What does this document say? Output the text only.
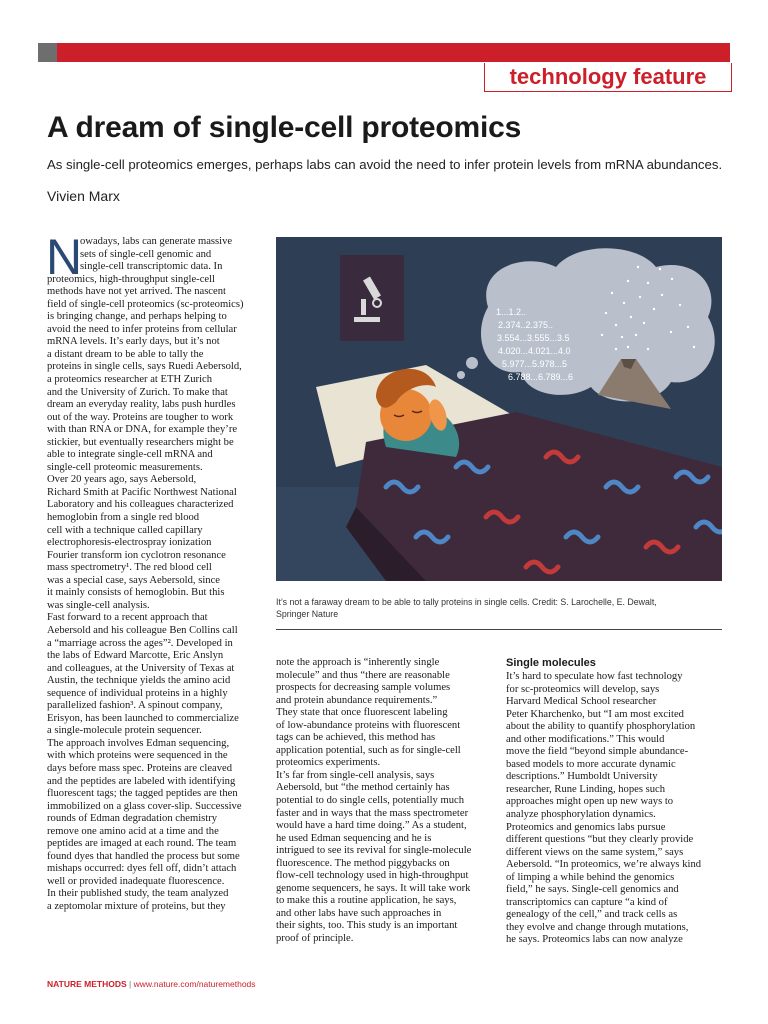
technology feature
A dream of single-cell proteomics

As single-cell proteomics emerges, perhaps labs can avoid the need to infer protein levels from mRNA abundances.

Vivien Marx

N

owadays, labs can generate massive

sets of single-cell genomic and

single-cell transcriptomic data. In

proteomics, high-throughput single-cell

methods have not yet arrived. The nascent

field of single-cell proteomics (sc-proteomics)

is bringing change, and perhaps helping to

avoid the need to infer proteins from cellular

mRNA levels. It’s early days, but it’s not

a distant dream to be able to tally the

proteins in single cells, says Ruedi Aebersold,

a proteomics researcher at ETH Zurich

and the University of Zurich. To make that

dream an everyday reality, labs push hurdles

out of the way. Proteins are tougher to work

with than RNA or DNA, for example they’re

stickier, but eventually researchers might be

able to integrate single-cell mRNA and

single-cell proteomic measurements.

Over 20 years ago, says Aebersold,

Richard Smith at Pacific Northwest National

Laboratory and his colleagues characterized

hemoglobin from a single red blood

cell with a technique called capillary

electrophoresis-electrospray ionization

Fourier transform ion cyclotron resonance

mass spectrometry¹. The red blood cell

was a special case, says Aebersold, since

it mainly consists of hemoglobin. But this

was single-cell analysis.

Fast forward to a recent approach that

Aebersold and his colleague Ben Collins call

a “marriage across the ages”². Developed in

the labs of Edward Marcotte, Eric Anslyn

and colleagues, at the University of Texas at

Austin, the technique yields the amino acid

sequence of individual proteins in a highly

parallelized fashion³. A spinout company,

Erisyon, has been launched to commercialize

a single-molecule protein sequencer.

The approach involves Edman sequencing,

with which proteins were sequenced in the

days before mass spec. Proteins are cleaved

and the peptides are labeled with identifying

fluorescent tags; the tagged peptides are then

immobilized on a glass cover-slip. Successive

rounds of Edman degradation chemistry

remove one amino acid at a time and the

peptides are imaged at each round. The team

found dyes that handled the process but some

mishaps occurred: dyes fell off, didn’t attach

well or provided inadequate fluorescence.

In their published study, the team analyzed

a zeptomolar mixture of proteins, but they

1...1.2..
2.374..2.375..
3.554...3.555...3.5
4.020...4.021...4.0
5.977...5.978...5
6.788...6.789...6
It’s not a faraway dream to be able to tally proteins in single cells. Credit: S. Larochelle, E. Dewalt,
Springer Nature

note the approach is “inherently single

molecule” and thus “there are reasonable

prospects for decreasing sample volumes

and protein abundance requirements.”

They state that once fluorescent labeling

of low-abundance proteins with fluorescent

tags can be achieved, this method has

application potential, such as for single-cell

proteomics experiments.

It’s far from single-cell analysis, says

Aebersold, but “the method certainly has

potential to do single cells, potentially much

faster and in ways that the mass spectrometer

would have a hard time doing.” As a student,

he used Edman sequencing and he is

intrigued to see its revival for single-molecule

fluorescence. The method piggybacks on

flow-cell technology used in high-throughput

genome sequencers, he says. It will take work

to make this a routine application, he says,

and other labs have such approaches in

their sights, too. This study is an important

proof of principle.

Single molecules

It’s hard to speculate how fast technology

for sc-proteomics will develop, says

Harvard Medical School researcher

Peter Kharchenko, but “I am most excited

about the ability to quantify phosphorylation

and other modifications.” This would

move the field “beyond simple abundance-

based models to more accurate dynamic

descriptions.” Humboldt University

researcher, Rune Linding, hopes such

approaches might open up new ways to

analyze phosphorylation dynamics.

Proteomics and genomics labs pursue

different questions “but they clearly provide

different views on the same system,” says

Aebersold. “In proteomics, we’re always kind

of limping a while behind the genomics

field,” he says. Single-cell genomics and

transcriptomics can capture “a kind of

genealogy of the cell,” and track cells as

they evolve and change through mutations,

he says. Proteomics labs can now analyze

NATURE METHODS | www.nature.com/naturemethods
